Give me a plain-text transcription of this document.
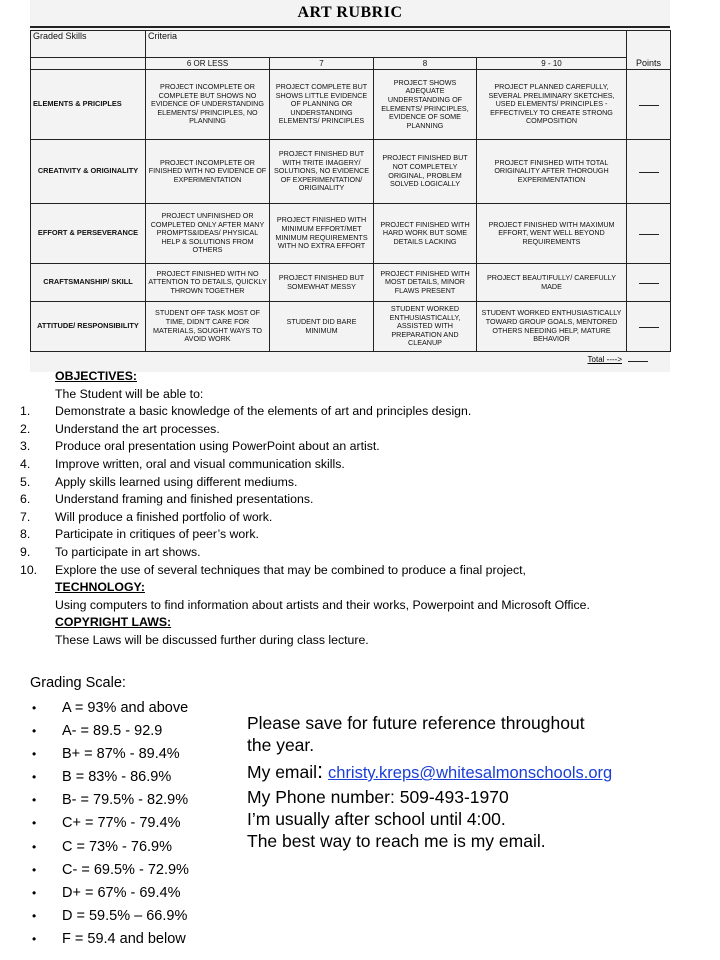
ART RUBRIC
Graded Skills	Criteria				Points
	6 OR LESS	7	8	9 - 10	
ELEMENTS & PRICIPLES	PROJECT INCOMPLETE OR COMPLETE BUT SHOWS NO EVIDENCE OF UNDERSTANDING ELEMENTS/ PRINCIPLES, NO PLANNING	PROJECT COMPLETE BUT SHOWS LITTLE EVIDENCE OF PLANNING OR UNDERSTANDING ELEMENTS/ PRINCIPLES	PROJECT SHOWS ADEQUATE UNDERSTANDING OF ELEMENTS/ PRINCIPLES, EVIDENCE OF SOME PLANNING	PROJECT PLANNED CAREFULLY, SEVERAL PRELIMINARY SKETCHES, USED ELEMENTS/ PRINCIPLES - EFFECTIVELY TO CREATE STRONG COMPOSITION	
CREATIVITY & ORIGINALITY	PROJECT INCOMPLETE OR FINISHED WITH NO EVIDENCE OF EXPERIMENTATION	PROJECT FINISHED BUT WITH TRITE IMAGERY/ SOLUTIONS, NO EVIDENCE OF EXPERIMENTATION/ ORIGINALITY	PROJECT FINISHED BUT NOT COMPLETELY ORIGINAL, PROBLEM SOLVED LOGICALLY	PROJECT FINISHED WITH TOTAL ORIGINALITY AFTER THOROUGH EXPERIMENTATION	
EFFORT & PERSEVERANCE	PROJECT UNFINISHED OR COMPLETED ONLY AFTER MANY PROMPTS&IDEAS/ PHYSICAL HELP & SOLUTIONS FROM OTHERS	PROJECT FINISHED WITH MINIMUM EFFORT/MET MINIMUM REQUIREMENTS WITH NO EXTRA EFFORT	PROJECT FINISHED WITH HARD WORK BUT SOME DETAILS LACKING	PROJECT FINISHED WITH MAXIMUM EFFORT, WENT WELL BEYOND REQUIREMENTS	
CRAFTSMANSHIP/ SKILL	PROJECT FINISHED WITH NO ATTENTION TO DETAILS, QUICKLY THROWN TOGETHER	PROJECT FINISHED BUT SOMEWHAT MESSY	PROJECT FINISHED WITH MOST DETAILS, MINOR FLAWS PRESENT	PROJECT BEAUTIFULLY/ CAREFULLY MADE	
ATTITUDE/ RESPONSIBILITY	STUDENT OFF TASK MOST OF TIME, DIDN'T CARE FOR MATERIALS, SOUGHT WAYS TO AVOID WORK	STUDENT DID BARE MINIMUM	STUDENT WORKED ENTHUSIASTICALLY, ASSISTED WITH PREPARATION AND CLEANUP	STUDENT WORKED ENTHUSIASTICALLY TOWARD GROUP GOALS, MENTORED OTHERS NEEDING HELP, MATURE BEHAVIOR	
Total ---->
OBJECTIVES:
The Student will be able to:
1. Demonstrate a basic knowledge of the elements of art and principles design.
2. Understand the art processes.
3. Produce oral presentation using PowerPoint about an artist.
4. Improve written, oral and visual communication skills.
5. Apply skills learned using different mediums.
6. Understand framing and finished presentations.
7. Will produce a finished portfolio of work.
8. Participate in critiques of peer’s work.
9. To participate in art shows.
10. Explore the use of several techniques that may be combined to produce a final project,
TECHNOLOGY:
Using computers to find information about artists and their works, Powerpoint and Microsoft Office.
COPYRIGHT LAWS:
These Laws will be discussed further during class lecture.
Grading Scale:
• A = 93% and above
• A- = 89.5 - 92.9
• B+ = 87% - 89.4%
• B = 83% - 86.9%
• B- = 79.5% - 82.9%
• C+ = 77% - 79.4%
• C = 73% - 76.9%
• C- = 69.5% - 72.9%
• D+ = 67% - 69.4%
• D = 59.5% – 66.9%
• F = 59.4 and below
Please save for future reference throughout
the year.
My email: christy.kreps@whitesalmonschools.org
My Phone number: 509-493-1970
I’m usually after school until 4:00.
The best way to reach me is my email.
